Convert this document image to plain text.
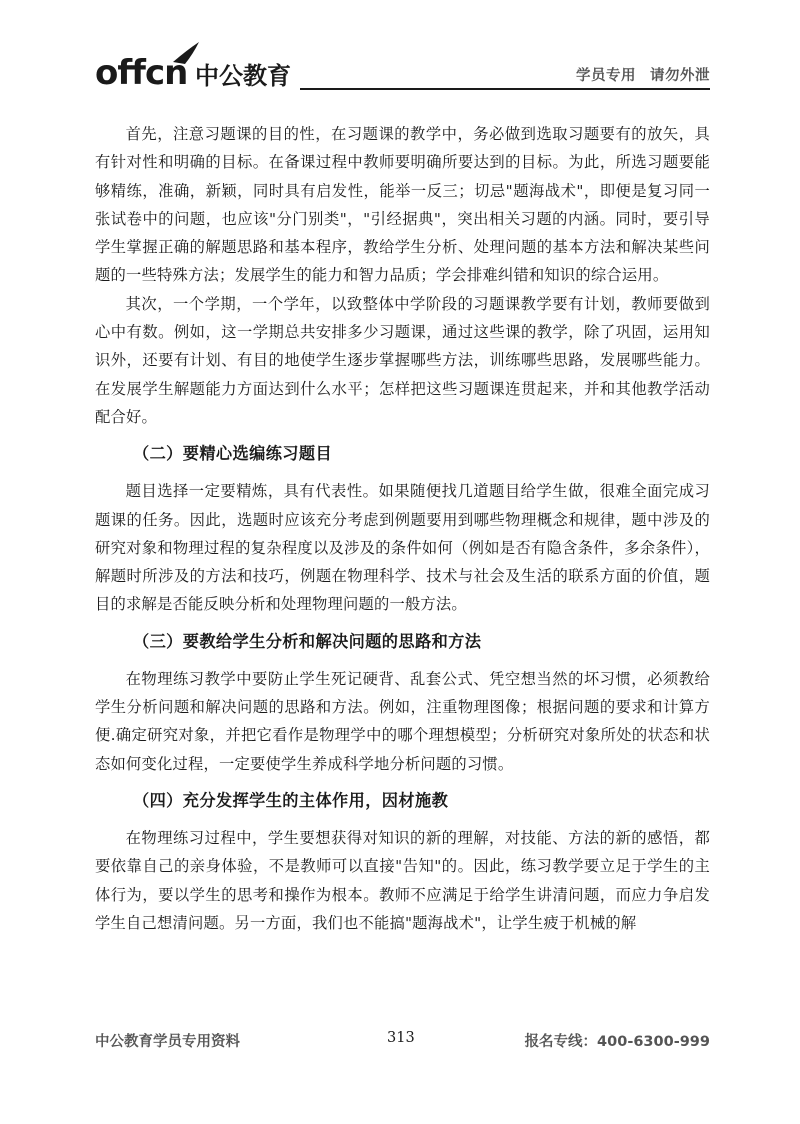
offcn 中公教育	学员专用 请勿外泄

首先，注意习题课的目的性，在习题课的教学中，务必做到选取习题要有的放矢，具有针对性和明确的目标。在备课过程中教师要明确所要达到的目标。为此，所选习题要能够精练，准确，新颖，同时具有启发性，能举一反三；切忌"题海战术"，即便是复习同一张试卷中的问题，也应该"分门别类"，"引经据典"，突出相关习题的内涵。同时，要引导学生掌握正确的解题思路和基本程序，教给学生分析、处理问题的基本方法和解决某些问题的一些特殊方法；发展学生的能力和智力品质；学会排难纠错和知识的综合运用。

其次，一个学期，一个学年，以致整体中学阶段的习题课教学要有计划，教师要做到心中有数。例如，这一学期总共安排多少习题课，通过这些课的教学，除了巩固，运用知识外，还要有计划、有目的地使学生逐步掌握哪些方法，训练哪些思路，发展哪些能力。在发展学生解题能力方面达到什么水平；怎样把这些习题课连贯起来，并和其他教学活动配合好。

（二）要精心选编练习题目

题目选择一定要精炼，具有代表性。如果随便找几道题目给学生做，很难全面完成习题课的任务。因此，选题时应该充分考虑到例题要用到哪些物理概念和规律，题中涉及的研究对象和物理过程的复杂程度以及涉及的条件如何（例如是否有隐含条件，多余条件），解题时所涉及的方法和技巧，例题在物理科学、技术与社会及生活的联系方面的价值，题目的求解是否能反映分析和处理物理问题的一般方法。

（三）要教给学生分析和解决问题的思路和方法

在物理练习教学中要防止学生死记硬背、乱套公式、凭空想当然的坏习惯，必须教给学生分析问题和解决问题的思路和方法。例如，注重物理图像；根据问题的要求和计算方便.确定研究对象，并把它看作是物理学中的哪个理想模型；分析研究对象所处的状态和状态如何变化过程，一定要使学生养成科学地分析问题的习惯。

（四）充分发挥学生的主体作用，因材施教

在物理练习过程中，学生要想获得对知识的新的理解，对技能、方法的新的感悟，都要依靠自己的亲身体验，不是教师可以直接"告知"的。因此，练习教学要立足于学生的主体行为，要以学生的思考和操作为根本。教师不应满足于给学生讲清问题，而应力争启发学生自己想清问题。另一方面，我们也不能搞"题海战术"，让学生疲于机械的解

中公教育学员专用资料	313	报名专线：400-6300-999
